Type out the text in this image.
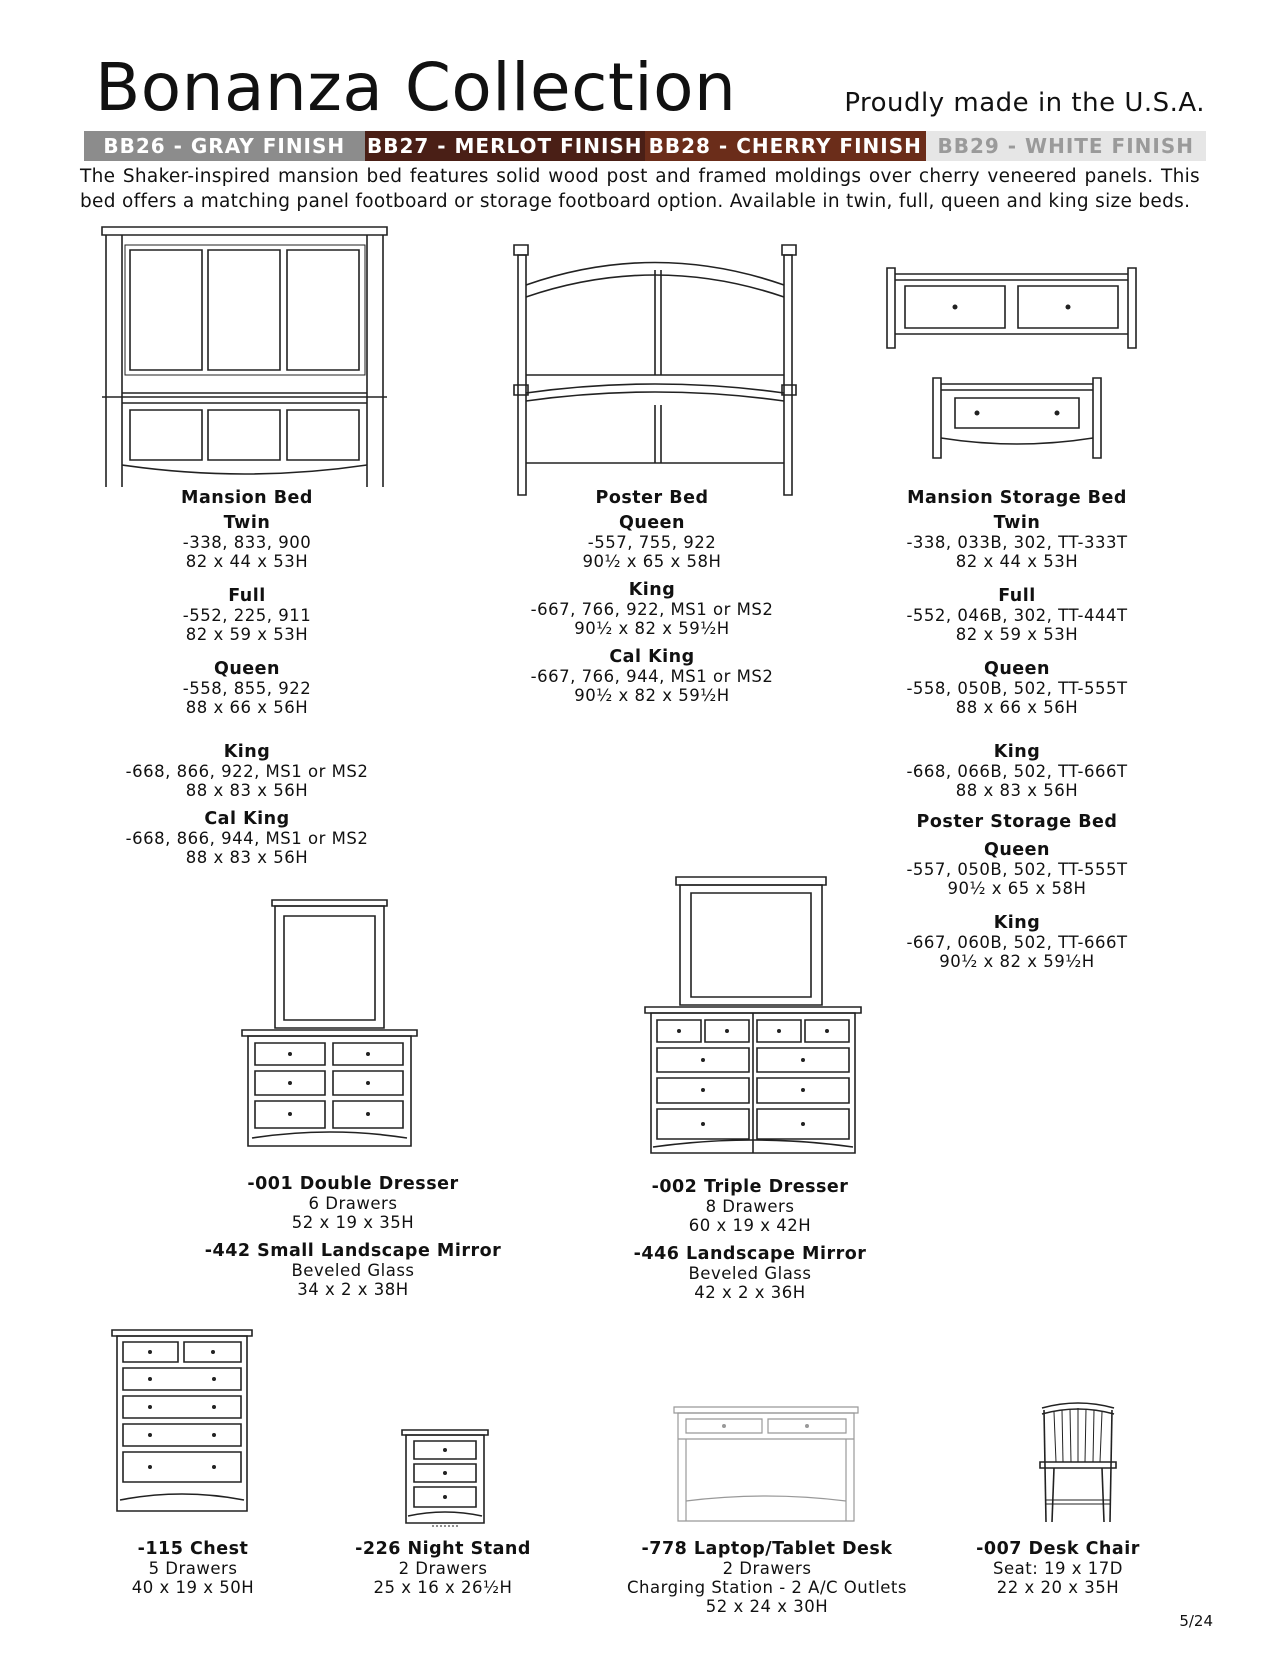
Bonanza Collection	Proudly made in the U.S.A.
BB26 - GRAY FINISH	BB27 - MERLOT FINISH BB28 - CHERRY FINISH BB29 - WHITE FINISH
The Shaker-inspired mansion bed features solid wood post and framed moldings over cherry veneered panels. This bed offers a matching panel footboard or storage footboard option. Available in twin, full, queen and king size beds.
Mansion Bed
Twin
-338, 833, 900
82 x 44 x 53H
Full
-552, 225, 911
82 x 59 x 53H
Queen
-558, 855, 922
88 x 66 x 56H
King
-668, 866, 922, MS1 or MS2
88 x 83 x 56H
Cal King
-668, 866, 944, MS1 or MS2
88 x 83 x 56H
Poster Bed
Queen
-557, 755, 922
90½ x 65 x 58H
King
-667, 766, 922, MS1 or MS2
90½ x 82 x 59½H
Cal King
-667, 766, 944, MS1 or MS2
90½ x 82 x 59½H
Mansion Storage Bed
Twin
-338, 033B, 302, TT-333T
82 x 44 x 53H
Full
-552, 046B, 302, TT-444T
82 x 59 x 53H
Queen
-558, 050B, 502, TT-555T
88 x 66 x 56H
King
-668, 066B, 502, TT-666T
88 x 83 x 56H
Poster Storage Bed
Queen
-557, 050B, 502, TT-555T
90½ x 65 x 58H
King
-667, 060B, 502, TT-666T
90½ x 82 x 59½H
-001 Double Dresser
6 Drawers
52 x 19 x 35H
-442 Small Landscape Mirror
Beveled Glass
34 x 2 x 38H
-002 Triple Dresser
8 Drawers
60 x 19 x 42H
-446 Landscape Mirror
Beveled Glass
42 x 2 x 36H
-115 Chest
5 Drawers
40 x 19 x 50H
-226 Night Stand
2 Drawers
25 x 16 x 26½H
-778 Laptop/Tablet Desk
2 Drawers
Charging Station - 2 A/C Outlets
52 x 24 x 30H
-007 Desk Chair
Seat: 19 x 17D
22 x 20 x 35H
5/24
